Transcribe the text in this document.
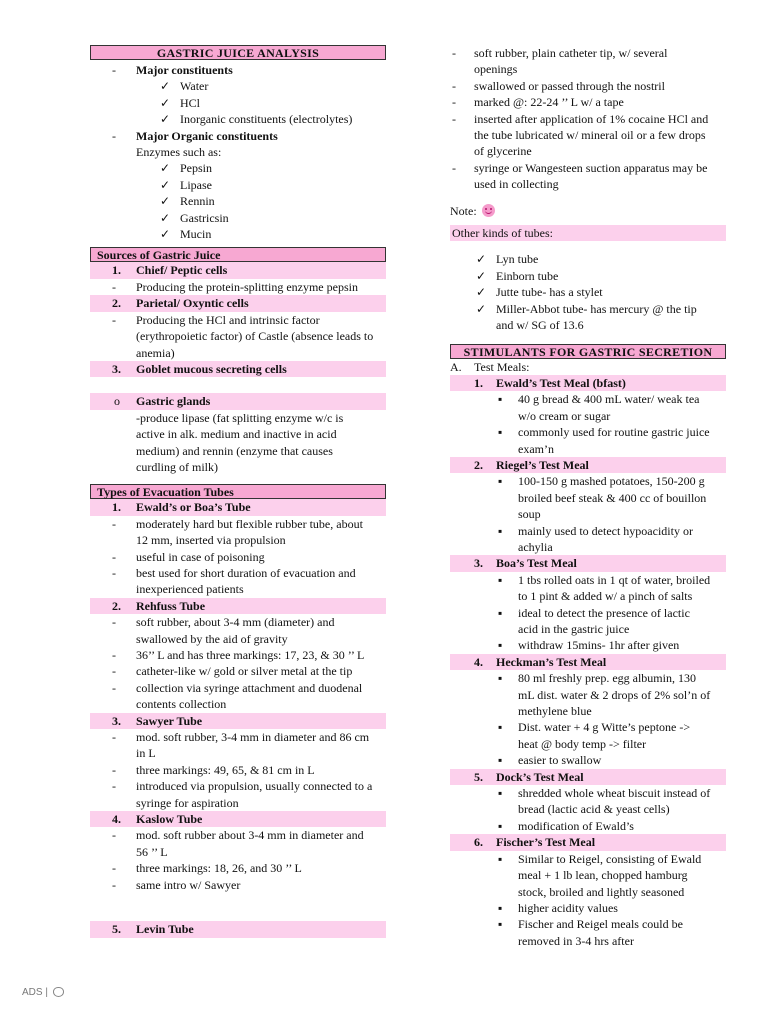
GASTRIC JUICE ANALYSIS
- Major constituents
✓ Water
✓ HCl
✓ Inorganic constituents (electrolytes)
- Major Organic constituents
Enzymes such as:
✓ Pepsin
✓ Lipase
✓ Rennin
✓ Gastricsin
✓ Mucin
Sources of Gastric Juice
1. Chief/ Peptic cells
- Producing the protein-splitting enzyme pepsin
2. Parietal/ Oxyntic cells
- Producing the HCl and intrinsic factor
(erythropoietic factor) of Castle (absence leads to
anemia)
3. Goblet mucous secreting cells
o Gastric glands
-produce lipase (fat splitting enzyme w/c is
active in alk. medium and inactive in acid
medium) and rennin (enzyme that causes
curdling of milk)
Types of Evacuation Tubes
1. Ewald’s or Boa’s Tube
- moderately hard but flexible rubber tube, about
12 mm, inserted via propulsion
- useful in case of poisoning
- best used for short duration of evacuation and
inexperienced patients
2. Rehfuss Tube
- soft rubber, about 3-4 mm (diameter) and
swallowed by the aid of gravity
- 36’’ L and has three markings: 17, 23, & 30 ’’ L
- catheter-like w/ gold or silver metal at the tip
- collection via syringe attachment and duodenal
contents collection
3. Sawyer Tube
- mod. soft rubber, 3-4 mm in diameter and 86 cm
in L
- three markings: 49, 65, & 81 cm in L
- introduced via propulsion, usually connected to a
syringe for aspiration
4. Kaslow Tube
- mod. soft rubber about 3-4 mm in diameter and
56 ’’ L
- three markings: 18, 26, and 30 ’’ L
- same intro w/ Sawyer
5. Levin Tube
- soft rubber, plain catheter tip, w/ several
openings
- swallowed or passed through the nostril
- marked @: 22-24 ’’ L w/ a tape
- inserted after application of 1% cocaine HCl and
the tube lubricated w/ mineral oil or a few drops
of glycerine
- syringe or Wangesteen suction apparatus may be
used in collecting
Note:
Other kinds of tubes:
✓ Lyn tube
✓ Einborn tube
✓ Jutte tube- has a stylet
✓ Miller-Abbot tube- has mercury @ the tip
and w/ SG of 13.6
STIMULANTS FOR GASTRIC SECRETION
A. Test Meals:
1. Ewald’s Test Meal (bfast)
▪ 40 g bread & 400 mL water/ weak tea
w/o cream or sugar
▪ commonly used for routine gastric juice
exam’n
2. Riegel’s Test Meal
▪ 100-150 g mashed potatoes, 150-200 g
broiled beef steak & 400 cc of bouillon
soup
▪ mainly used to detect hypoacidity or
achylia
3. Boa’s Test Meal
▪ 1 tbs rolled oats in 1 qt of water, broiled
to 1 pint & added w/ a pinch of salts
▪ ideal to detect the presence of lactic
acid in the gastric juice
▪ withdraw 15mins- 1hr after given
4. Heckman’s Test Meal
▪ 80 ml freshly prep. egg albumin, 130
mL dist. water & 2 drops of 2% sol’n of
methylene blue
▪ Dist. water + 4 g Witte’s peptone ->
heat @ body temp -> filter
▪ easier to swallow
5. Dock’s Test Meal
▪ shredded whole wheat biscuit instead of
bread (lactic acid & yeast cells)
▪ modification of Ewald’s
6. Fischer’s Test Meal
▪ Similar to Reigel, consisting of Ewald
meal + 1 lb lean, chopped hamburg
stock, broiled and lightly seasoned
▪ higher acidity values
▪ Fischer and Reigel meals could be
removed in 3-4 hrs after
ADS |
